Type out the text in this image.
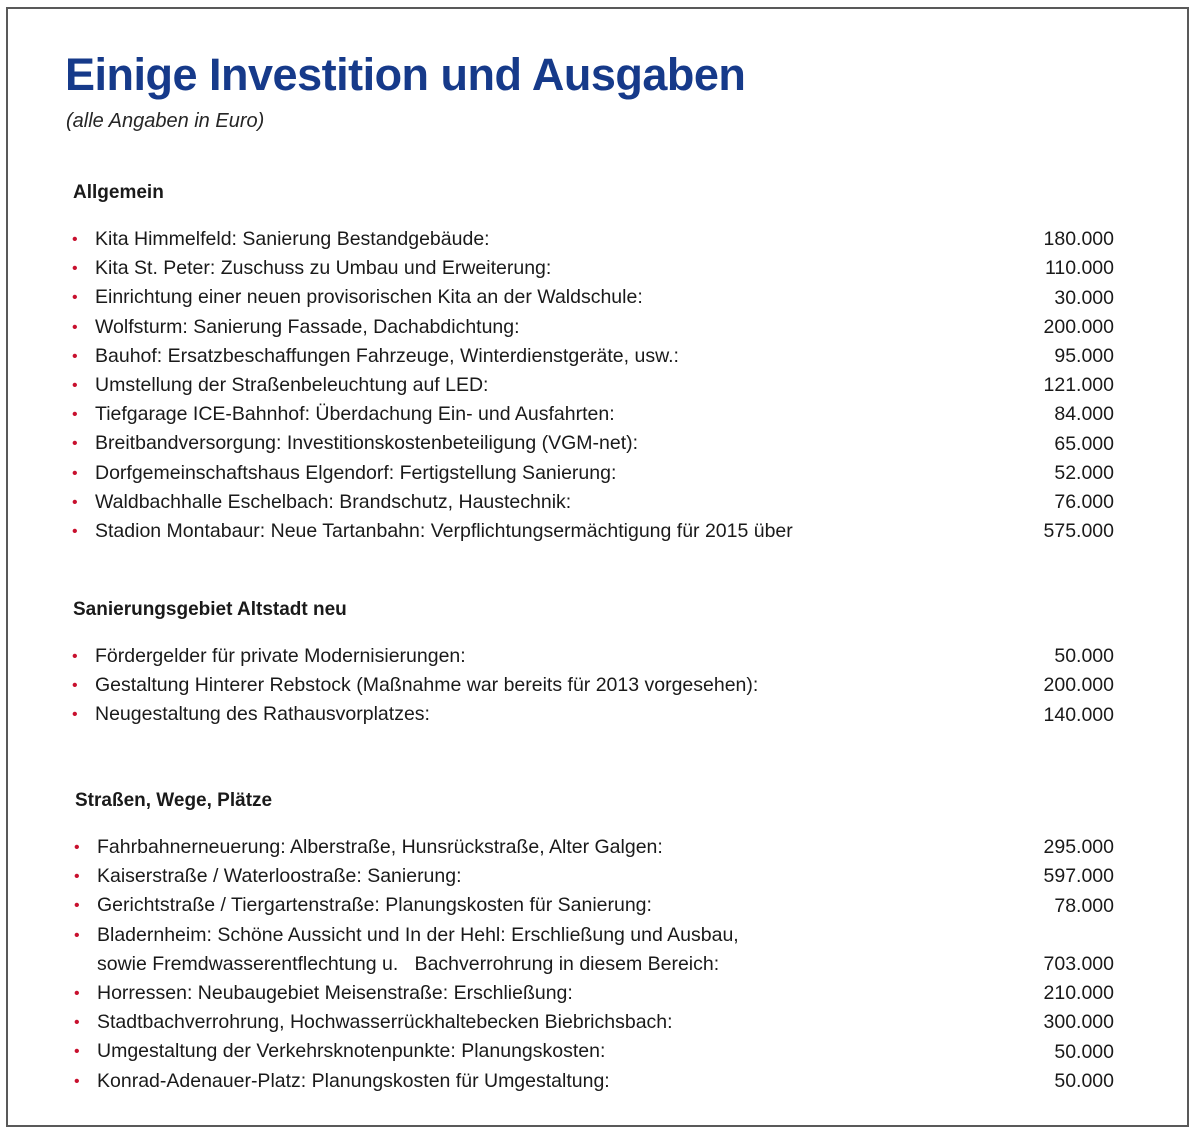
Einige Investition und Ausgaben

(alle Angaben in Euro)

Allgemein
• Kita Himmelfeld: Sanierung Bestandgebäude:	180.000
• Kita St. Peter: Zuschuss zu Umbau und Erweiterung:	110.000
• Einrichtung einer neuen provisorischen Kita an der Waldschule:	30.000
• Wolfsturm: Sanierung Fassade, Dachabdichtung:	200.000
• Bauhof: Ersatzbeschaffungen Fahrzeuge, Winterdienstgeräte, usw.:	95.000
• Umstellung der Straßenbeleuchtung auf LED:	121.000
• Tiefgarage ICE-Bahnhof: Überdachung Ein- und Ausfahrten:	84.000
• Breitbandversorgung: Investitionskostenbeteiligung (VGM-net):	65.000
• Dorfgemeinschaftshaus Elgendorf: Fertigstellung Sanierung:	52.000
• Waldbachhalle Eschelbach: Brandschutz, Haustechnik:	76.000
• Stadion Montabaur: Neue Tartanbahn: Verpflichtungsermächtigung für 2015 über	575.000
Sanierungsgebiet Altstadt neu
• Fördergelder für private Modernisierungen:	50.000
• Gestaltung Hinterer Rebstock (Maßnahme war bereits für 2013 vorgesehen):	200.000
• Neugestaltung des Rathausvorplatzes:	140.000
Straßen, Wege, Plätze
• Fahrbahnerneuerung: Alberstraße, Hunsrückstraße, Alter Galgen:	295.000
• Kaiserstraße / Waterloostraße: Sanierung:	597.000
• Gerichtstraße / Tiergartenstraße: Planungskosten für Sanierung:	78.000
• Bladernheim: Schöne Aussicht und In der Hehl: Erschließung und Ausbau,
sowie Fremdwasserentflechtung u.   Bachverrohrung in diesem Bereich:	703.000
• Horressen: Neubaugebiet Meisenstraße: Erschließung:	210.000
• Stadtbachverrohrung, Hochwasserrückhaltebecken Biebrichsbach:	300.000
• Umgestaltung der Verkehrsknotenpunkte: Planungskosten:	50.000
• Konrad-Adenauer-Platz: Planungskosten für Umgestaltung:	50.000
